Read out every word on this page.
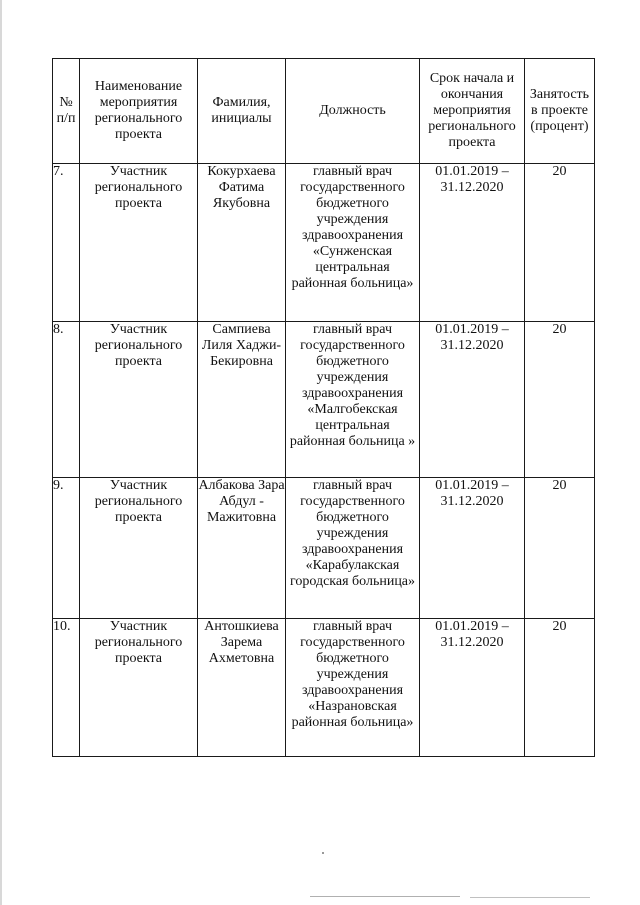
№ п/п	Наименование мероприятия регионального проекта	Фамилия, инициалы	Должность	Срок начала и окончания мероприятия регионального проекта	Занятость в проекте (процент)
7.	Участник регионального проекта	Кокурхаева Фатима Якубовна	главный врач государственного бюджетного учреждения здравоохранения «Сунженская центральная районная больница»	01.01.2019 – 31.12.2020	20
8.	Участник регионального проекта	Сампиева Лиля Хаджи-Бекировна	главный врач государственного бюджетного учреждения здравоохранения «Малгобекская центральная районная больница »	01.01.2019 – 31.12.2020	20
9.	Участник регионального проекта	Албакова Зара Абдул - Мажитовна	главный врач государственного бюджетного учреждения здравоохранения «Карабулакская городская больница»	01.01.2019 – 31.12.2020	20
10.	Участник регионального проекта	Антошкиева Зарема Ахметовна	главный врач государственного бюджетного учреждения здравоохранения «Назрановская районная больница»	01.01.2019 – 31.12.2020	20
